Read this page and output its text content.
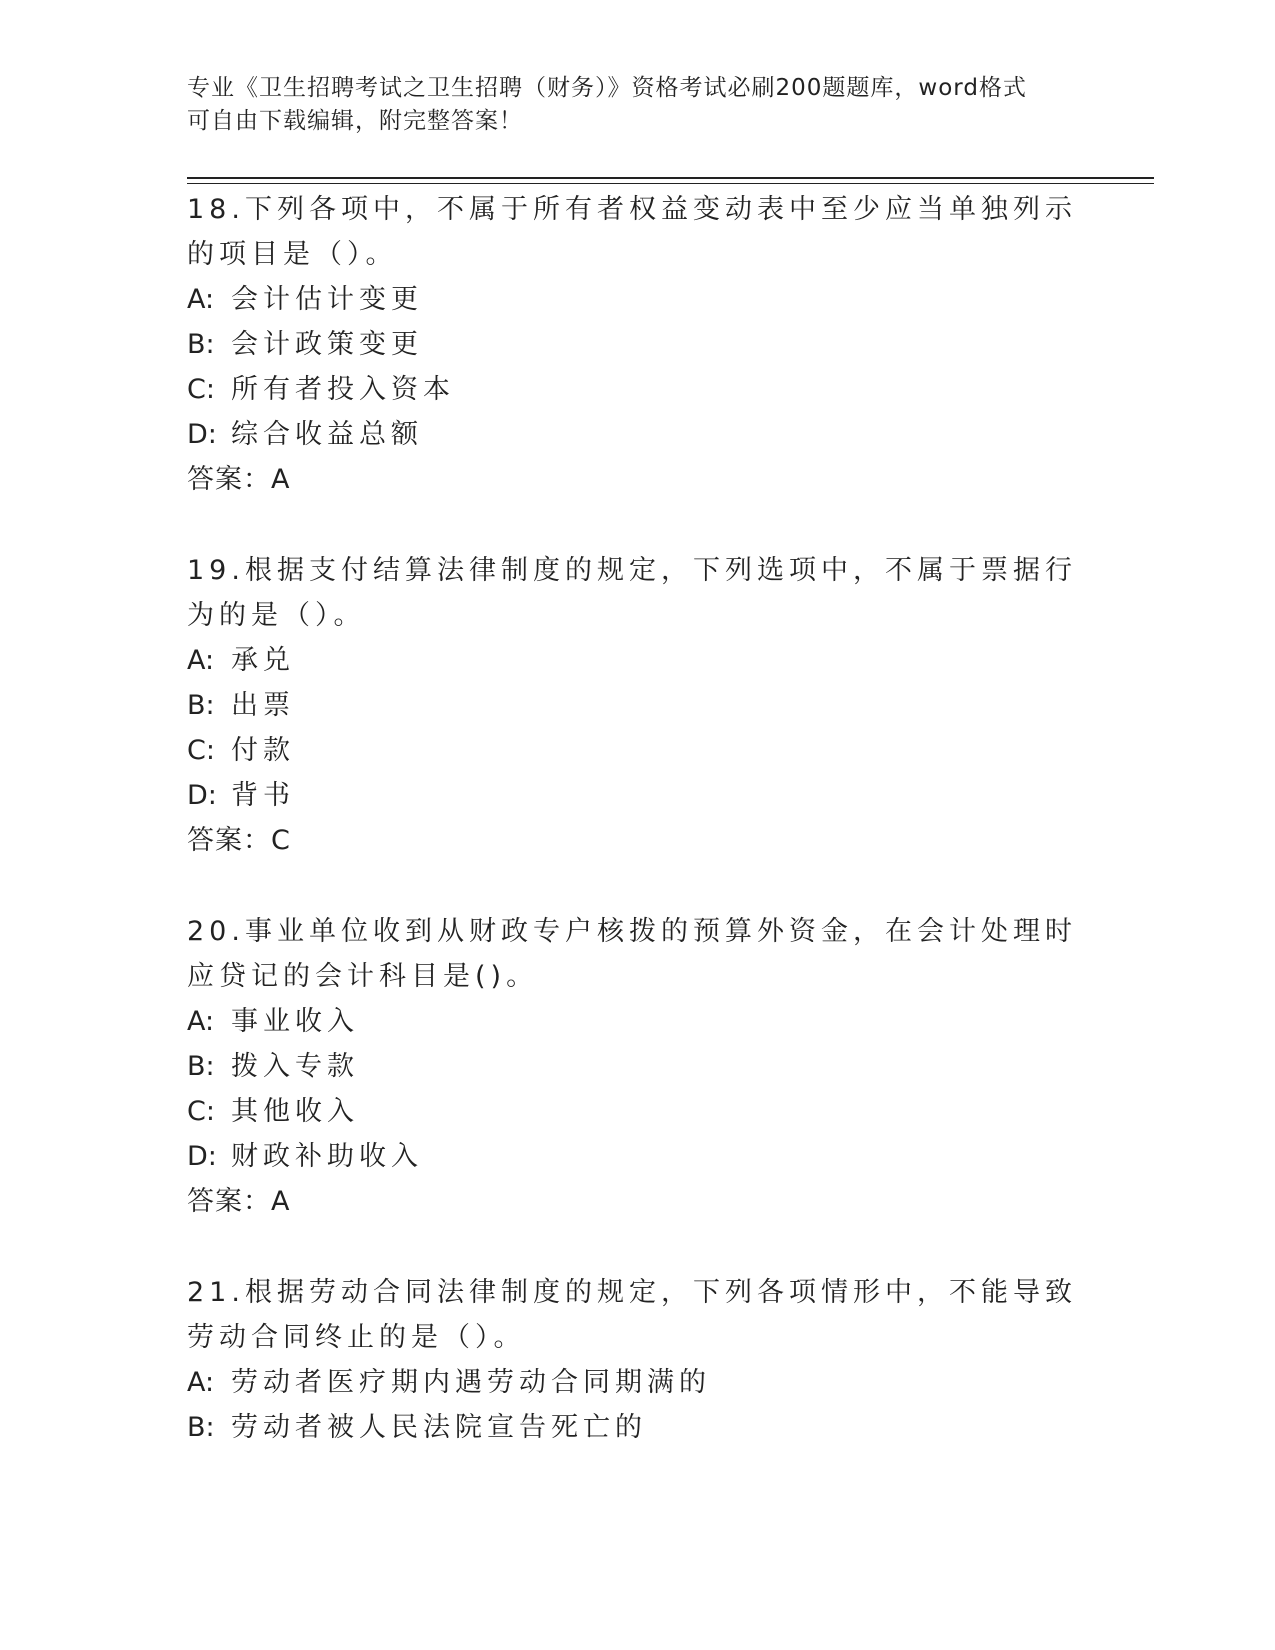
专业《卫生招聘考试之卫生招聘（财务）》资格考试必刷200题题库，word格式
可自由下载编辑，附完整答案！
18.下列各项中，不属于所有者权益变动表中至少应当单独列示的项目是（）。
A: 会计估计变更
B: 会计政策变更
C: 所有者投入资本
D: 综合收益总额
答案：A
19.根据支付结算法律制度的规定，下列选项中，不属于票据行为的是（）。
A: 承兑
B: 出票
C: 付款
D: 背书
答案：C
20.事业单位收到从财政专户核拨的预算外资金，在会计处理时应贷记的会计科目是()。
A: 事业收入
B: 拨入专款
C: 其他收入
D: 财政补助收入
答案：A
21.根据劳动合同法律制度的规定，下列各项情形中，不能导致劳动合同终止的是（）。
A: 劳动者医疗期内遇劳动合同期满的
B: 劳动者被人民法院宣告死亡的
